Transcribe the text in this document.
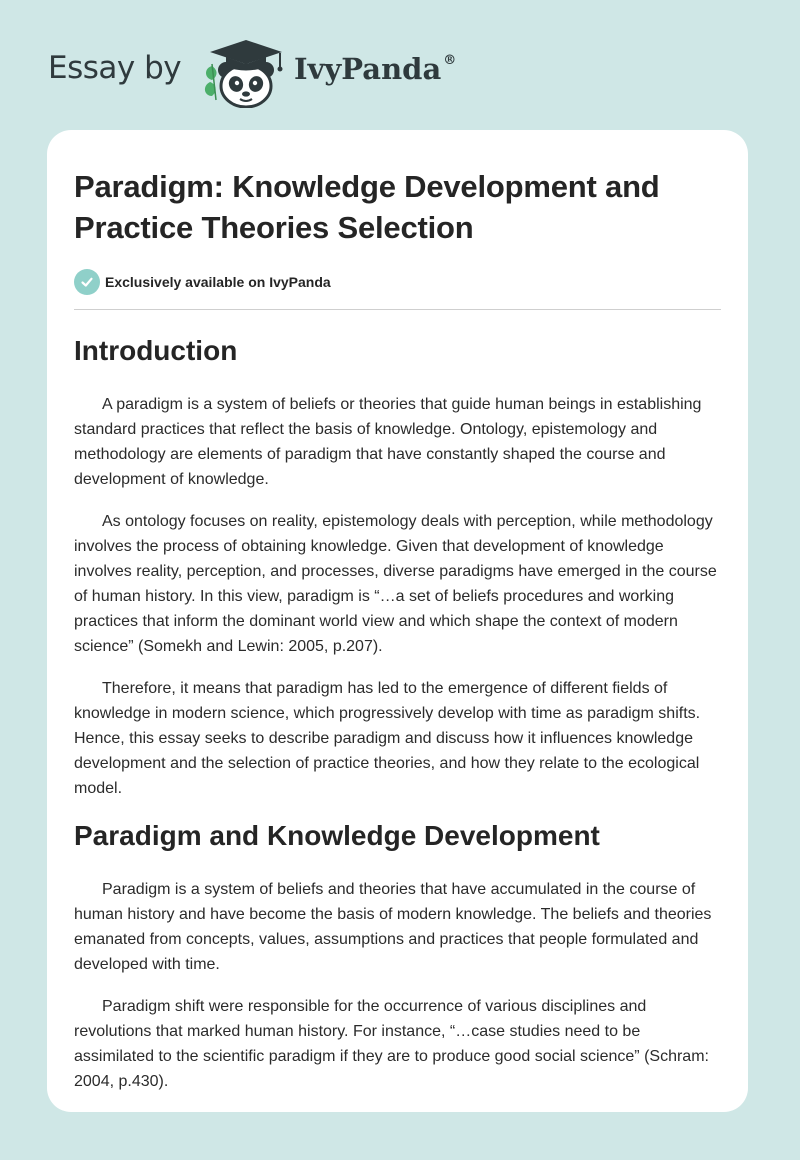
Essay by	IvyPanda ®
Paradigm: Knowledge Development and Practice Theories Selection
Exclusively available on IvyPanda
Introduction

A paradigm is a system of beliefs or theories that guide human beings in establishing standard practices that reflect the basis of knowledge. Ontology, epistemology and methodology are elements of paradigm that have constantly shaped the course and development of knowledge.

As ontology focuses on reality, epistemology deals with perception, while methodology involves the process of obtaining knowledge. Given that development of knowledge involves reality, perception, and processes, diverse paradigms have emerged in the course of human history. In this view, paradigm is “…a set of beliefs procedures and working practices that inform the dominant world view and which shape the context of modern science” (Somekh and Lewin: 2005, p.207).

Therefore, it means that paradigm has led to the emergence of different fields of knowledge in modern science, which progressively develop with time as paradigm shifts. Hence, this essay seeks to describe paradigm and discuss how it influences knowledge development and the selection of practice theories, and how they relate to the ecological model.

Paradigm and Knowledge Development

Paradigm is a system of beliefs and theories that have accumulated in the course of human history and have become the basis of modern knowledge. The beliefs and theories emanated from concepts, values, assumptions and practices that people formulated and developed with time.

Paradigm shift were responsible for the occurrence of various disciplines and revolutions that marked human history. For instance, “…case studies need to be assimilated to the scientific paradigm if they are to produce good social science” (Schram: 2004, p.430).
